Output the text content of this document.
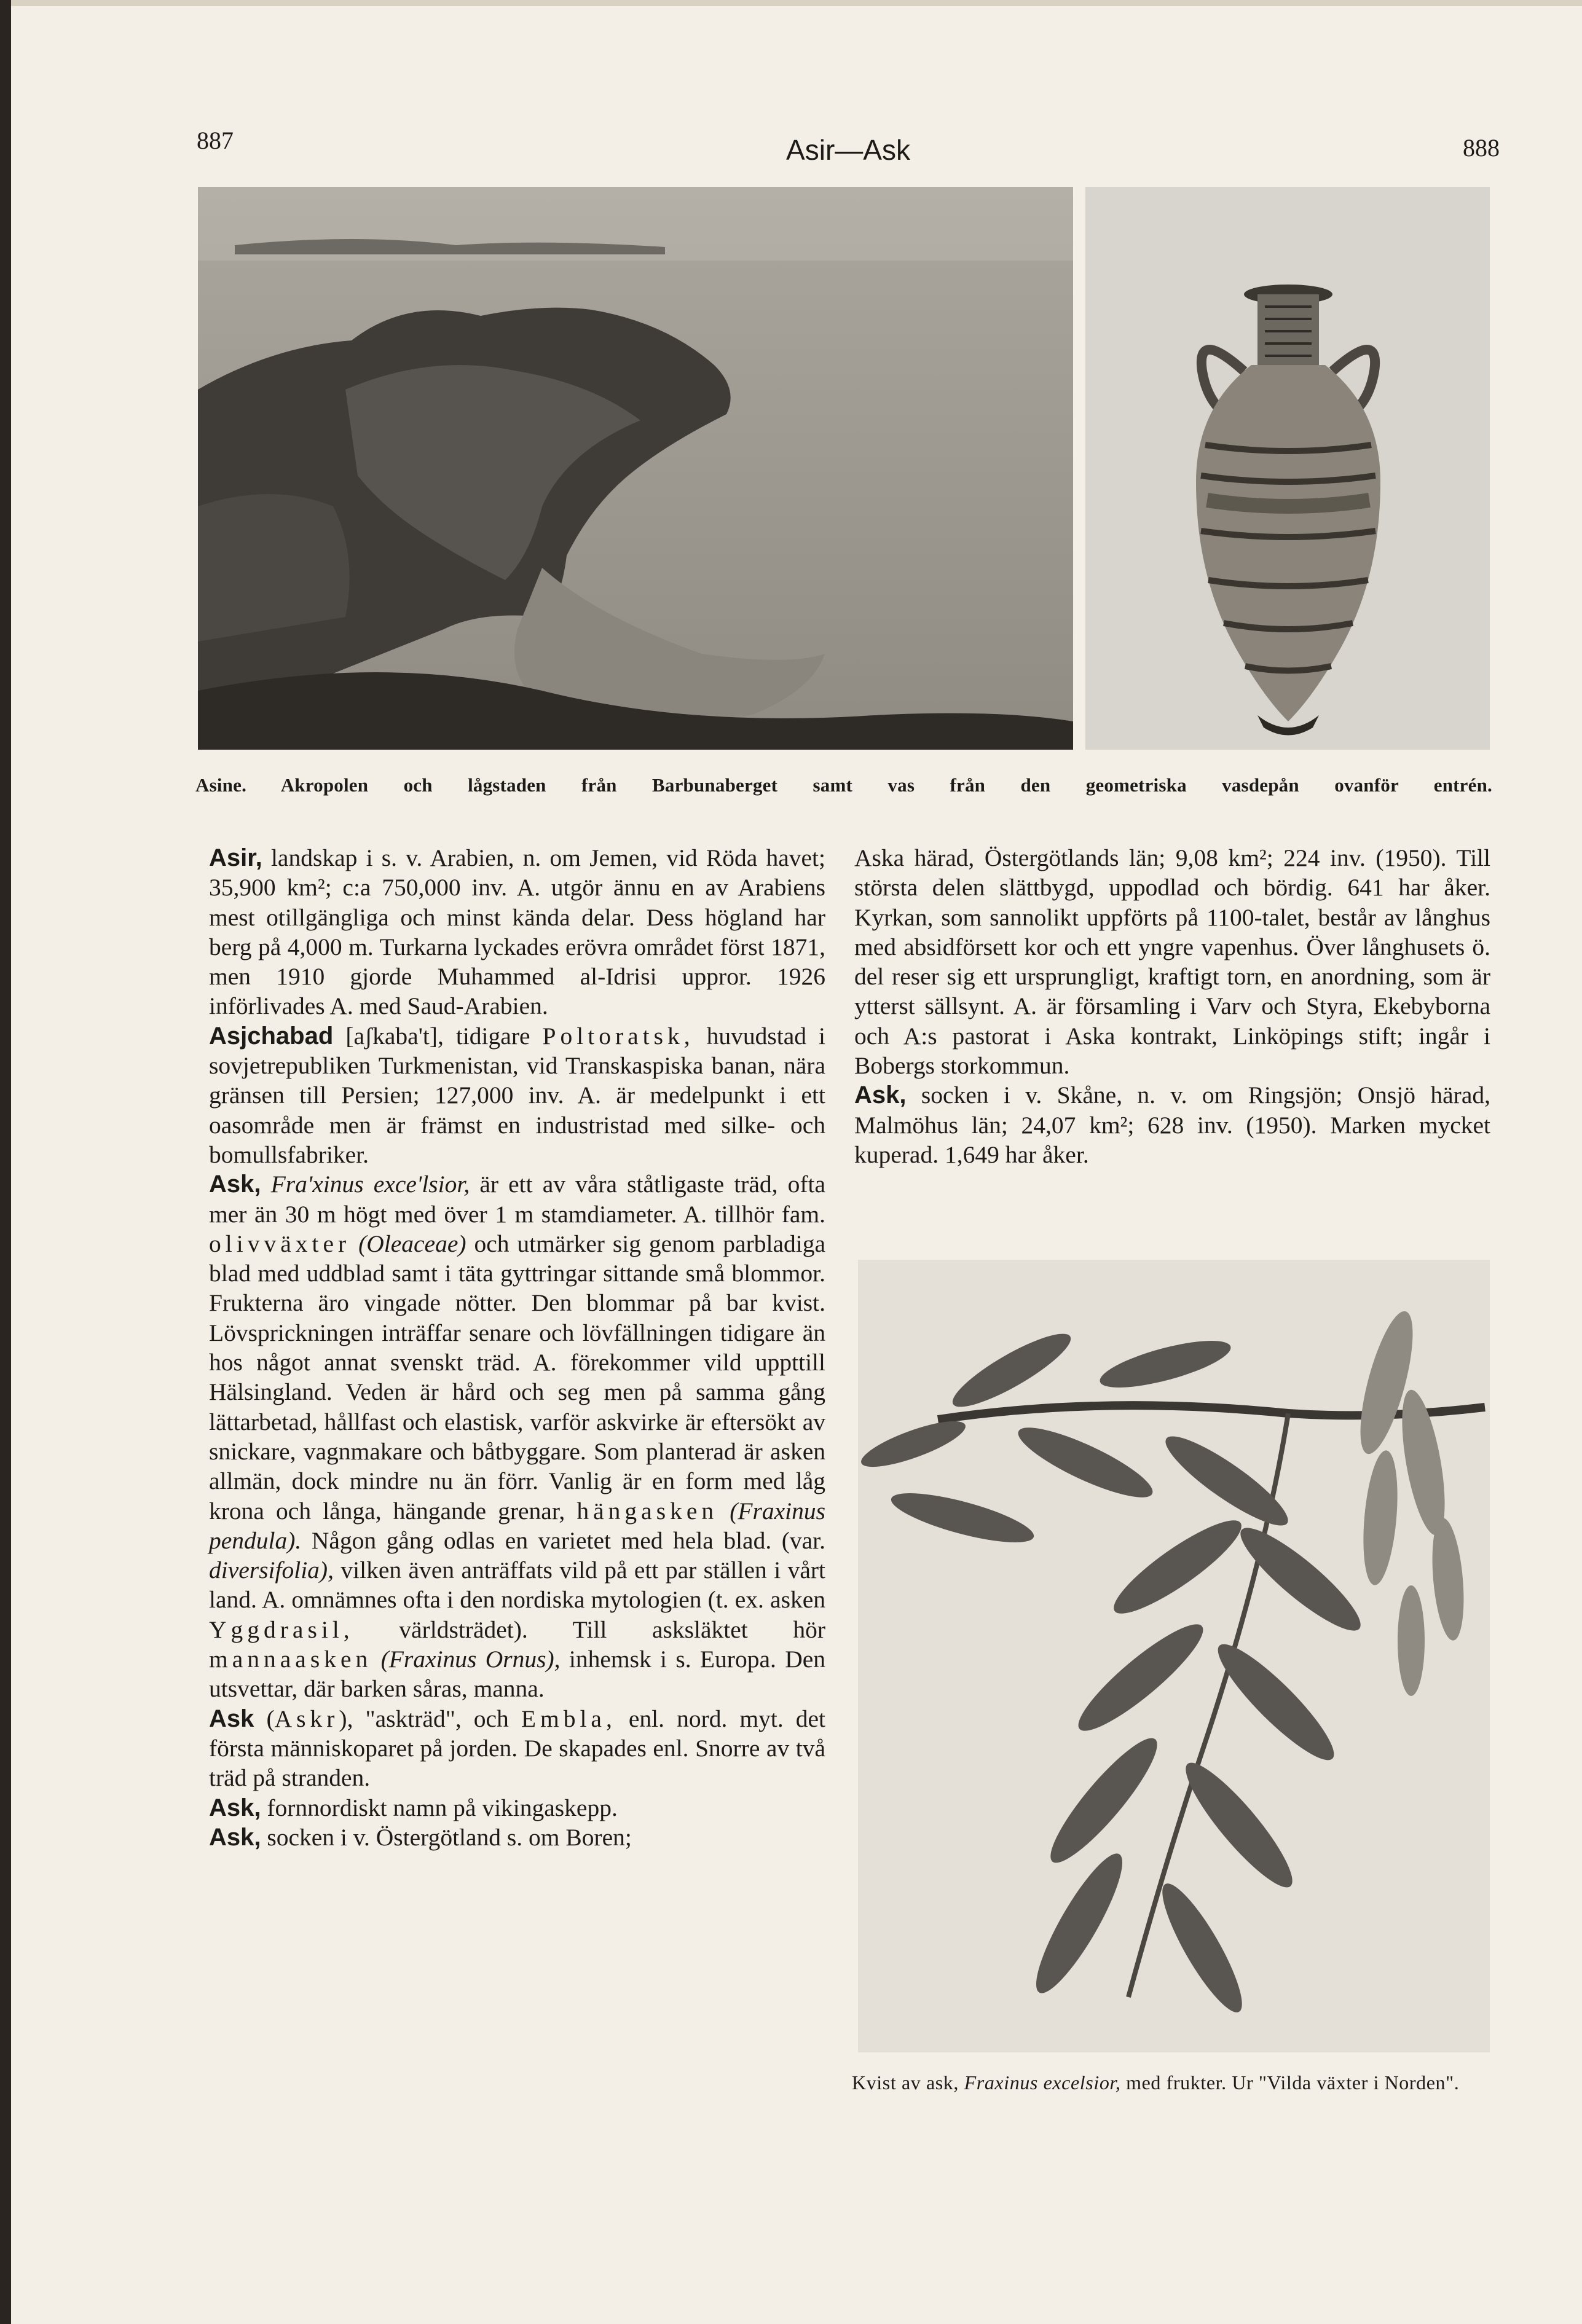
887	Asir—Ask	888
Asine. Akropolen och lågstaden från Barbunaberget samt vas från den geometriska vasdepån ovanför entrén.

Asir, landskap i s. v. Arabien, n. om Jemen, vid Röda havet; 35,900 km²; c:a 750,000 inv. A. utgör ännu en av Arabiens mest otillgängliga och minst kända delar. Dess högland har berg på 4,000 m. Turkarna lyckades erövra området först 1871, men 1910 gjorde Muhammed al-Idrisi uppror. 1926 införlivades A. med Saud-Arabien.

Asjchabad [aʃkaba't], tidigare Poltoratsk, huvudstad i sovjetrepubliken Turkmenistan, vid Transkaspiska banan, nära gränsen till Persien; 127,000 inv. A. är medelpunkt i ett oasområde men är främst en industristad med silke- och bomullsfabriker.

Ask, Fra'xinus exce'lsior, är ett av våra ståtligaste träd, ofta mer än 30 m högt med över 1 m stamdiameter. A. tillhör fam. olivväxter (Oleaceae) och utmärker sig genom parbladiga blad med uddblad samt i täta gyttringar sittande små blommor. Frukterna äro vingade nötter. Den blommar på bar kvist. Lövsprickningen inträffar senare och lövfällningen tidigare än hos något annat svenskt träd. A. förekommer vild uppttill Hälsingland. Veden är hård och seg men på samma gång lättarbetad, hållfast och elastisk, varför askvirke är eftersökt av snickare, vagnmakare och båtbyggare. Som planterad är asken allmän, dock mindre nu än förr. Vanlig är en form med låg krona och långa, hängande grenar, hängasken (Fraxinus pendula). Någon gång odlas en varietet med hela blad. (var. diversifolia), vilken även anträffats vild på ett par ställen i vårt land. A. omnämnes ofta i den nordiska mytologien (t. ex. asken Yggdrasil, världsträdet). Till asksläktet hör mannaasken (Fraxinus Ornus), inhemsk i s. Europa. Den utsvettar, där barken såras, manna.

Ask (Askr), "askträd", och Embla, enl. nord. myt. det första människoparet på jorden. De skapades enl. Snorre av två träd på stranden.

Ask, fornnordiskt namn på vikingaskepp.

Ask, socken i v. Östergötland s. om Boren;

Aska härad, Östergötlands län; 9,08 km²; 224 inv. (1950). Till största delen slättbygd, uppodlad och bördig. 641 har åker. Kyrkan, som sannolikt uppförts på 1100-talet, består av långhus med absidförsett kor och ett yngre vapenhus. Över långhusets ö. del reser sig ett ursprungligt, kraftigt torn, en anordning, som är ytterst sällsynt. A. är församling i Varv och Styra, Ekebyborna och A:s pastorat i Aska kontrakt, Linköpings stift; ingår i Bobergs storkommun.

Ask, socken i v. Skåne, n. v. om Ringsjön; Onsjö härad, Malmöhus län; 24,07 km²; 628 inv. (1950). Marken mycket kuperad. 1,649 har åker.

Kvist av ask, Fraxinus excelsior, med frukter. Ur "Vilda växter i Norden".
